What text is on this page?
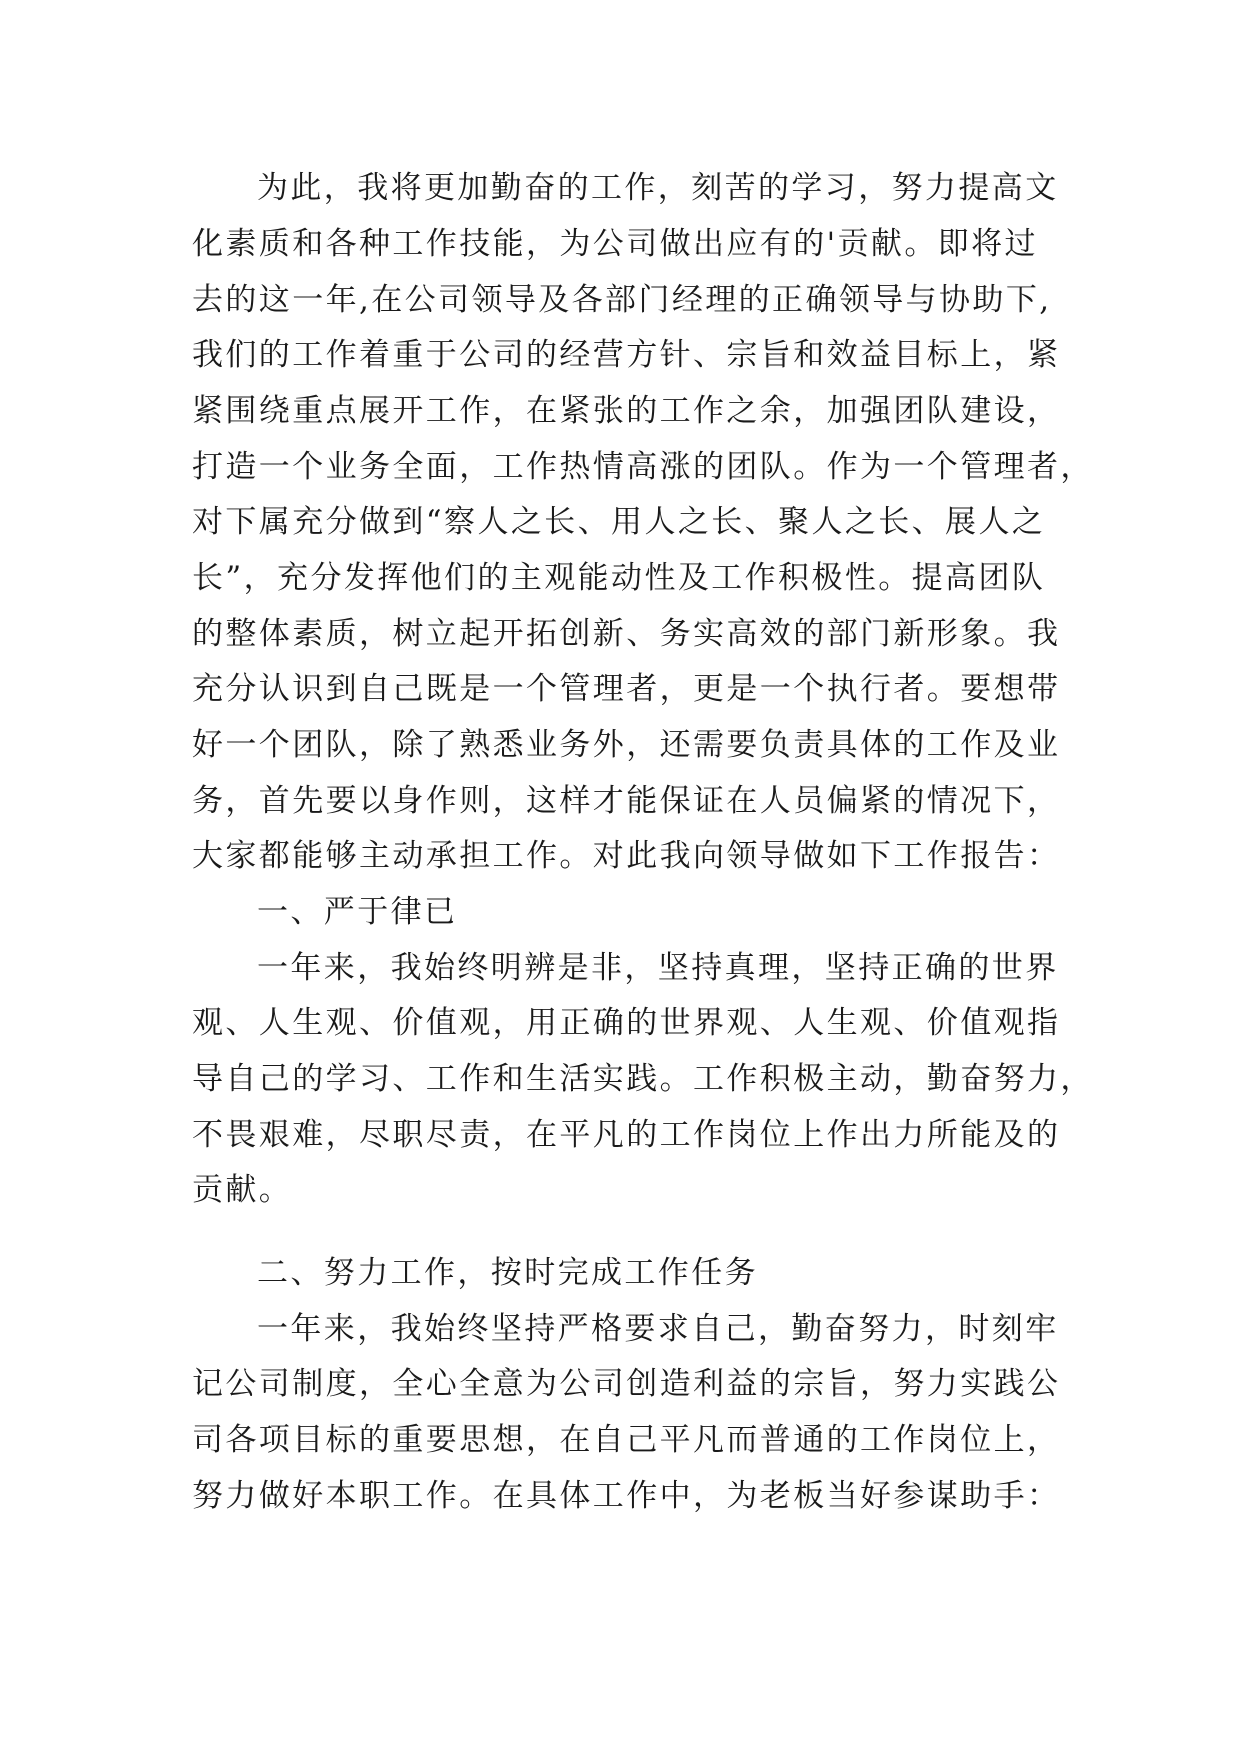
为此，我将更加勤奋的工作，刻苦的学习，努力提高文
化素质和各种工作技能，为公司做出应有的'贡献。即将过
去的这一年,在公司领导及各部门经理的正确领导与协助下,
我们的工作着重于公司的经营方针、宗旨和效益目标上，紧
紧围绕重点展开工作，在紧张的工作之余，加强团队建设，
打造一个业务全面，工作热情高涨的团队。作为一个管理者，
对下属充分做到“察人之长、用人之长、聚人之长、展人之
长”，充分发挥他们的主观能动性及工作积极性。提高团队
的整体素质，树立起开拓创新、务实高效的部门新形象。我
充分认识到自己既是一个管理者，更是一个执行者。要想带
好一个团队，除了熟悉业务外，还需要负责具体的工作及业
务，首先要以身作则，这样才能保证在人员偏紧的情况下，
大家都能够主动承担工作。对此我向领导做如下工作报告：
一、严于律已
一年来，我始终明辨是非，坚持真理，坚持正确的世界
观、人生观、价值观，用正确的世界观、人生观、价值观指
导自己的学习、工作和生活实践。工作积极主动，勤奋努力，
不畏艰难，尽职尽责，在平凡的工作岗位上作出力所能及的
贡献。
二、努力工作，按时完成工作任务
一年来，我始终坚持严格要求自己，勤奋努力，时刻牢
记公司制度，全心全意为公司创造利益的宗旨，努力实践公
司各项目标的重要思想，在自己平凡而普通的工作岗位上，
努力做好本职工作。在具体工作中，为老板当好参谋助手：
